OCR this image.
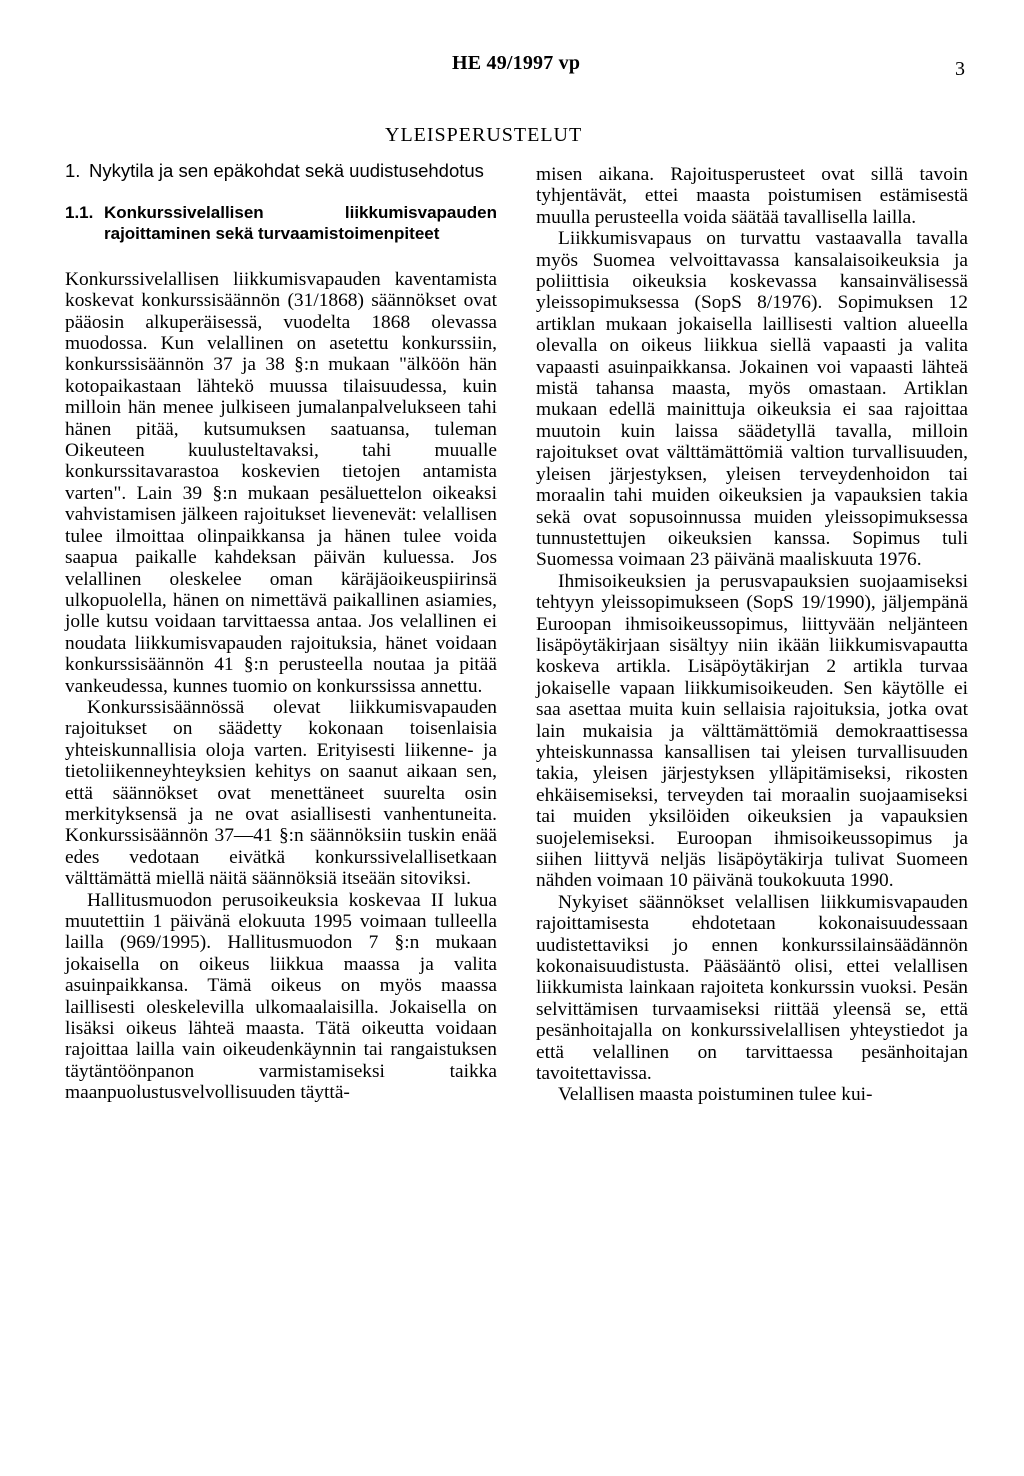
HE 49/1997 vp	3
YLEISPERUSTELUT
1. Nykytila ja sen epäkohdat sekä uudistusehdotus
1.1. Konkurssivelallisen liikkumisvapauden rajoittaminen sekä turvaamistoimenpiteet

Konkurssivelallisen liikkumisvapauden kaventamista koskevat konkurssisäännön (31/1868) säännökset ovat pääosin alkuperäisessä, vuodelta 1868 olevassa muodossa. Kun velallinen on asetettu konkurssiin, konkurssisäännön 37 ja 38 §:n mukaan "älköön hän kotopaikastaan lähtekö muussa tilaisuudessa, kuin milloin hän menee julkiseen jumalanpalvelukseen tahi hänen pitää, kutsumuksen saatuansa, tuleman Oikeuteen kuulusteltavaksi, tahi muualle konkurssitavarastoa koskevien tietojen antamista varten". Lain 39 §:n mukaan pesäluettelon oikeaksi vahvistamisen jälkeen rajoitukset lievenevät: velallisen tulee ilmoittaa olinpaikkansa ja hänen tulee voida saapua paikalle kahdeksan päivän kuluessa. Jos velallinen oleskelee oman käräjäoikeuspiirinsä ulkopuolella, hänen on nimettävä paikallinen asiamies, jolle kutsu voidaan tarvittaessa antaa. Jos velallinen ei noudata liikkumisvapauden rajoituksia, hänet voidaan konkurssisäännön 41 §:n perusteella noutaa ja pitää vankeudessa, kunnes tuomio on konkurssissa annettu.

Konkurssisäännössä olevat liikkumisvapauden rajoitukset on säädetty kokonaan toisenlaisia yhteiskunnallisia oloja varten. Erityisesti liikenne- ja tietoliikenneyhteyksien kehitys on saanut aikaan sen, että säännökset ovat menettäneet suurelta osin merkityksensä ja ne ovat asiallisesti vanhentuneita. Konkurssisäännön 37—41 §:n säännöksiin tuskin enää edes vedotaan eivätkä konkurssivelallisetkaan välttämättä miellä näitä säännöksiä itseään sitoviksi.

Hallitusmuodon perusoikeuksia koskevaa II lukua muutettiin 1 päivänä elokuuta 1995 voimaan tulleella lailla (969/1995). Hallitusmuodon 7 §:n mukaan jokaisella on oikeus liikkua maassa ja valita asuinpaikkansa. Tämä oikeus on myös maassa laillisesti oleskelevilla ulkomaalaisilla. Jokaisella on lisäksi oikeus lähteä maasta. Tätä oikeutta voidaan rajoittaa lailla vain oikeudenkäynnin tai rangaistuksen täytäntöönpanon varmistamiseksi taikka maanpuolustusvelvollisuuden täyttä-

misen aikana. Rajoitusperusteet ovat sillä tavoin tyhjentävät, ettei maasta poistumisen estämisestä muulla perusteella voida säätää tavallisella lailla.

Liikkumisvapaus on turvattu vastaavalla tavalla myös Suomea velvoittavassa kansalaisoikeuksia ja poliittisia oikeuksia koskevassa kansainvälisessä yleissopimuksessa (SopS 8/1976). Sopimuksen 12 artiklan mukaan jokaisella laillisesti valtion alueella olevalla on oikeus liikkua siellä vapaasti ja valita vapaasti asuinpaikkansa. Jokainen voi vapaasti lähteä mistä tahansa maasta, myös omastaan. Artiklan mukaan edellä mainittuja oikeuksia ei saa rajoittaa muutoin kuin laissa säädetyllä tavalla, milloin rajoitukset ovat välttämättömiä valtion turvallisuuden, yleisen järjestyksen, yleisen terveydenhoidon tai moraalin tahi muiden oikeuksien ja vapauksien takia sekä ovat sopusoinnussa muiden yleissopimuksessa tunnustettujen oikeuksien kanssa. Sopimus tuli Suomessa voimaan 23 päivänä maaliskuuta 1976.

Ihmisoikeuksien ja perusvapauksien suojaamiseksi tehtyyn yleissopimukseen (SopS 19/1990), jäljempänä Euroopan ihmisoikeussopimus, liittyvään neljänteen lisäpöytäkirjaan sisältyy niin ikään liikkumisvapautta koskeva artikla. Lisäpöytäkirjan 2 artikla turvaa jokaiselle vapaan liikkumisoikeuden. Sen käytölle ei saa asettaa muita kuin sellaisia rajoituksia, jotka ovat lain mukaisia ja välttämättömiä demokraattisessa yhteiskunnassa kansallisen tai yleisen turvallisuuden takia, yleisen järjestyksen ylläpitämiseksi, rikosten ehkäisemiseksi, terveyden tai moraalin suojaamiseksi tai muiden yksilöiden oikeuksien ja vapauksien suojelemiseksi. Euroopan ihmisoikeussopimus ja siihen liittyvä neljäs lisäpöytäkirja tulivat Suomeen nähden voimaan 10 päivänä toukokuuta 1990.

Nykyiset säännökset velallisen liikkumisvapauden rajoittamisesta ehdotetaan kokonaisuudessaan uudistettaviksi jo ennen konkurssilainsäädännön kokonaisuudistusta. Pääsääntö olisi, ettei velallisen liikkumista lainkaan rajoiteta konkurssin vuoksi. Pesän selvittämisen turvaamiseksi riittää yleensä se, että pesänhoitajalla on konkurssivelallisen yhteystiedot ja että velallinen on tarvittaessa pesänhoitajan tavoitettavissa.

Velallisen maasta poistuminen tulee kui-
